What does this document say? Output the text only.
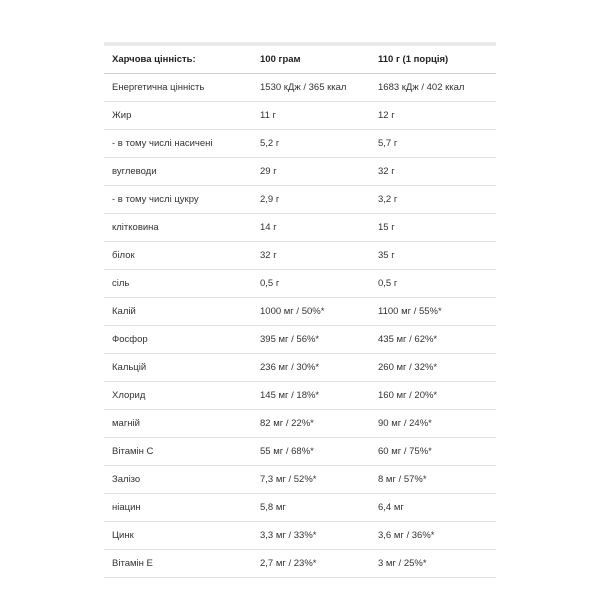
Харчова цінність:	100 грам	110 г (1 порція)
Енергетична цінність	1530 кДж / 365 ккал	1683 кДж / 402 ккал
Жир	11 г	12 г
- в тому числі насичені	5,2 г	5,7 г
вуглеводи	29 г	32 г
- в тому числі цукру	2,9 г	3,2 г
клітковина	14 г	15 г
білок	32 г	35 г
сіль	0,5 г	0,5 г
Калій	1000 мг / 50%*	1100 мг / 55%*
Фосфор	395 мг / 56%*	435 мг / 62%*
Кальцій	236 мг / 30%*	260 мг / 32%*
Хлорид	145 мг / 18%*	160 мг / 20%*
магній	82 мг / 22%*	90 мг / 24%*
Вітамін С	55 мг / 68%*	60 мг / 75%*
Залізо	7,3 мг / 52%*	8 мг / 57%*
ніацин	5,8 мг	6,4 мг
Цинк	3,3 мг / 33%*	3,6 мг / 36%*
Вітамін Е	2,7 мг / 23%*	3 мг / 25%*
